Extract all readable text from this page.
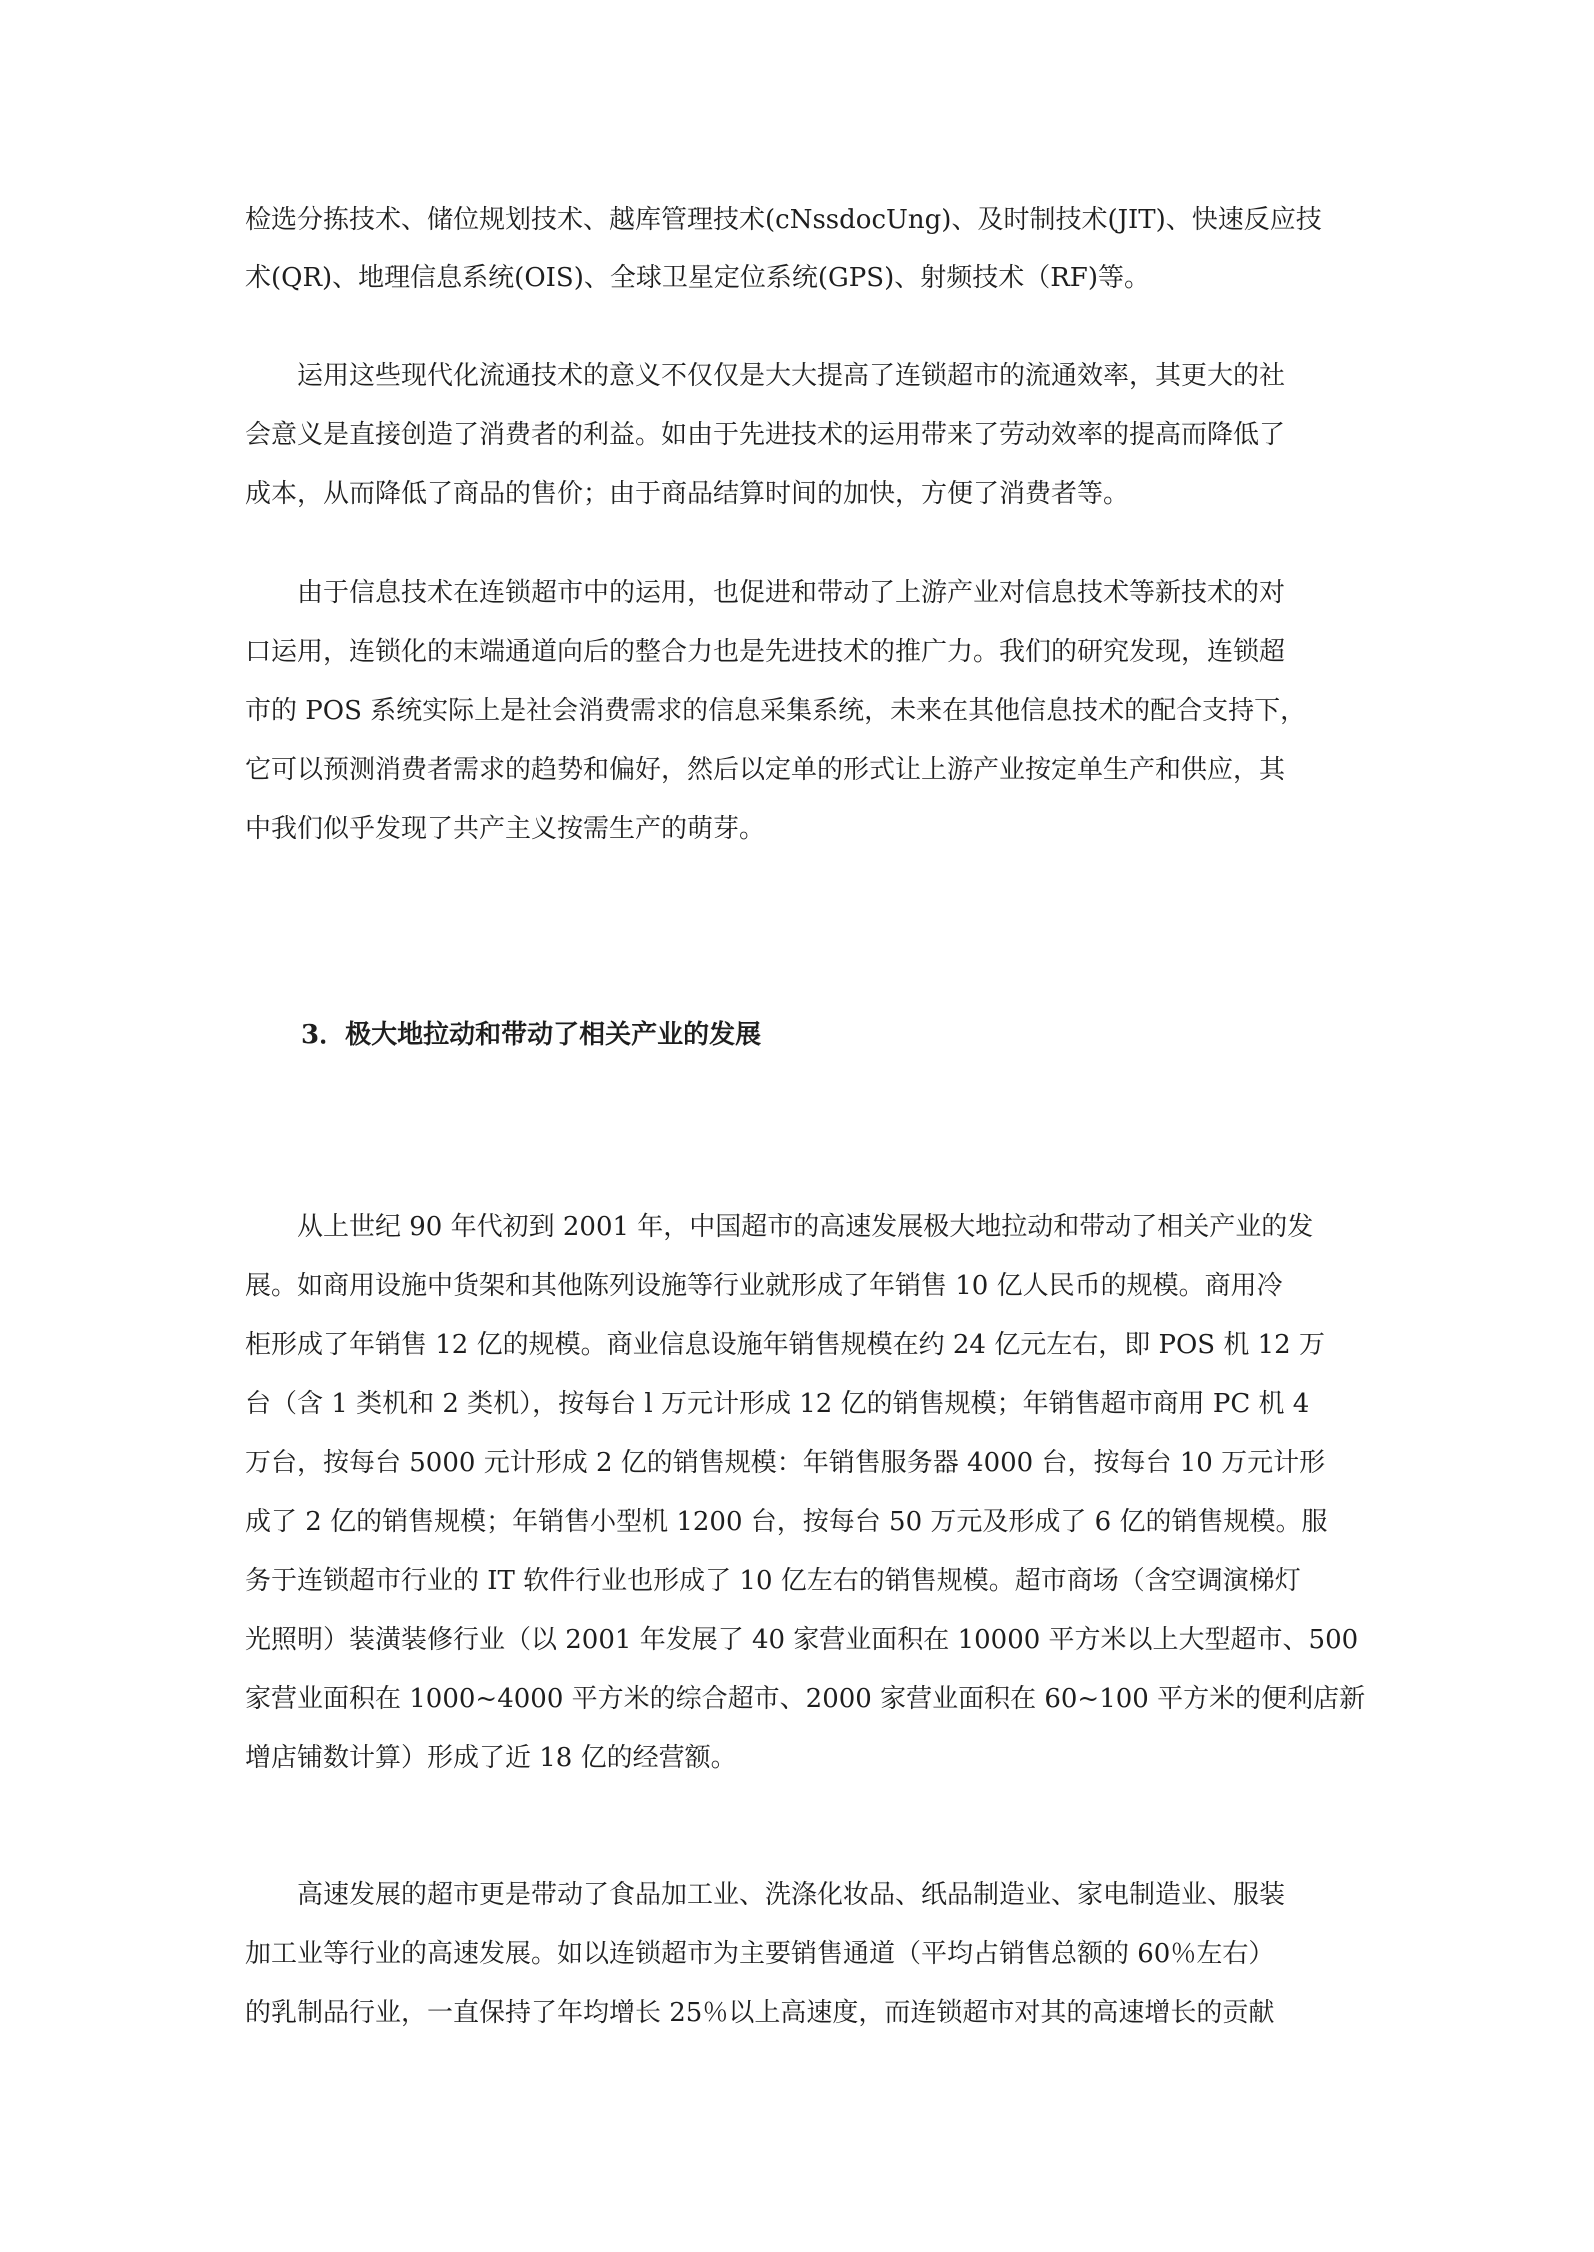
检选分拣技术、储位规划技术、越库管理技术(cNssdocUng)、及时制技术(JIT)、快速反应技
术(QR)、地理信息系统(OIS)、全球卫星定位系统(GPS)、射频技术（RF)等。
运用这些现代化流通技术的意义不仅仅是大大提高了连锁超市的流通效率，其更大的社
会意义是直接创造了消费者的利益。如由于先进技术的运用带来了劳动效率的提高而降低了
成本，从而降低了商品的售价；由于商品结算时间的加快，方便了消费者等。
由于信息技术在连锁超市中的运用，也促进和带动了上游产业对信息技术等新技术的对
口运用，连锁化的末端通道向后的整合力也是先进技术的推广力。我们的研究发现，连锁超
市的 POS 系统实际上是社会消费需求的信息采集系统，未来在其他信息技术的配合支持下，
它可以预测消费者需求的趋势和偏好，然后以定单的形式让上游产业按定单生产和供应，其
中我们似乎发现了共产主义按需生产的萌芽。
3．极大地拉动和带动了相关产业的发展
从上世纪 90 年代初到 2001 年，中国超市的高速发展极大地拉动和带动了相关产业的发
展。如商用设施中货架和其他陈列设施等行业就形成了年销售 10 亿人民币的规模。商用冷
柜形成了年销售 12 亿的规模。商业信息设施年销售规模在约 24 亿元左右，即 POS 机 12 万
台（含 1 类机和 2 类机），按每台 l 万元计形成 12 亿的销售规模；年销售超市商用 PC 机 4
万台，按每台 5000 元计形成 2 亿的销售规模：年销售服务器 4000 台，按每台 10 万元计形
成了 2 亿的销售规模；年销售小型机 1200 台，按每台 50 万元及形成了 6 亿的销售规模。服
务于连锁超市行业的 IT 软件行业也形成了 10 亿左右的销售规模。超市商场（含空调演梯灯
光照明）装潢装修行业（以 2001 年发展了 40 家营业面积在 10000 平方米以上大型超市、500
家营业面积在 1000~4000 平方米的综合超市、2000 家营业面积在 60~100 平方米的便利店新
增店铺数计算）形成了近 18 亿的经营额。
高速发展的超市更是带动了食品加工业、洗涤化妆品、纸品制造业、家电制造业、服装
加工业等行业的高速发展。如以连锁超市为主要销售通道（平均占销售总额的 60％左右）
的乳制品行业，一直保持了年均增长 25％以上高速度，而连锁超市对其的高速增长的贡献
